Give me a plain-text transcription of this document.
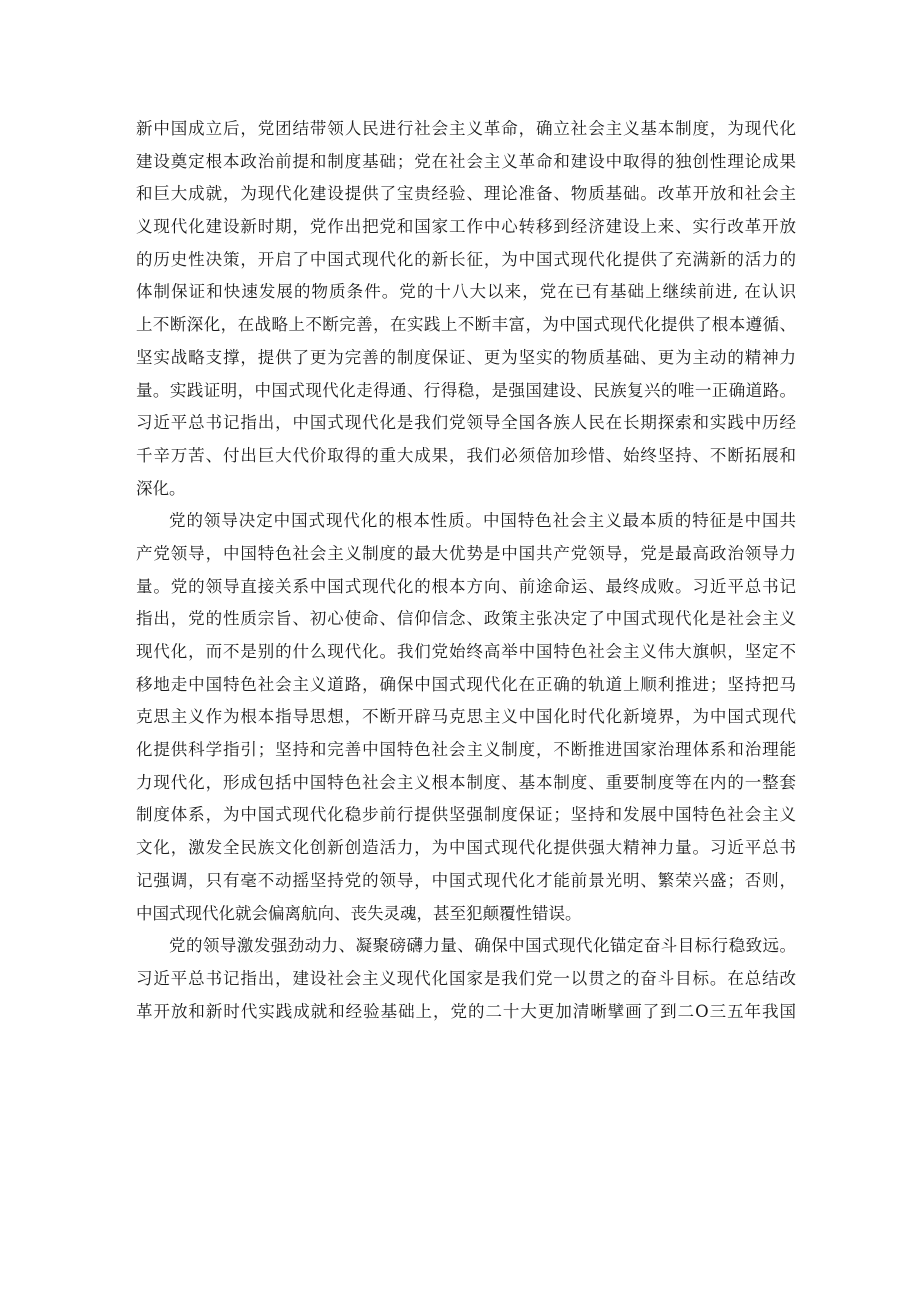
新中国成立后，党团结带领人民进行社会主义革命，确立社会主义基本制度，为现代化
建设奠定根本政治前提和制度基础；党在社会主义革命和建设中取得的独创性理论成果
和巨大成就，为现代化建设提供了宝贵经验、理论准备、物质基础。改革开放和社会主
义现代化建设新时期，党作出把党和国家工作中心转移到经济建设上来、实行改革开放
的历史性决策，开启了中国式现代化的新长征，为中国式现代化提供了充满新的活力的
体制保证和快速发展的物质条件。党的十八大以来，党在已有基础上继续前进, 在认识
上不断深化，在战略上不断完善，在实践上不断丰富，为中国式现代化提供了根本遵循、
坚实战略支撑，提供了更为完善的制度保证、更为坚实的物质基础、更为主动的精神力
量。实践证明，中国式现代化走得通、行得稳，是强国建设、民族复兴的唯一正确道路。
习近平总书记指出，中国式现代化是我们党领导全国各族人民在长期探索和实践中历经
千辛万苦、付出巨大代价取得的重大成果，我们必须倍加珍惜、始终坚持、不断拓展和
深化。
党的领导决定中国式现代化的根本性质。中国特色社会主义最本质的特征是中国共
产党领导，中国特色社会主义制度的最大优势是中国共产党领导，党是最高政治领导力
量。党的领导直接关系中国式现代化的根本方向、前途命运、最终成败。习近平总书记
指出，党的性质宗旨、初心使命、信仰信念、政策主张决定了中国式现代化是社会主义
现代化，而不是别的什么现代化。我们党始终高举中国特色社会主义伟大旗帜，坚定不
移地走中国特色社会主义道路，确保中国式现代化在正确的轨道上顺利推进；坚持把马
克思主义作为根本指导思想，不断开辟马克思主义中国化时代化新境界，为中国式现代
化提供科学指引；坚持和完善中国特色社会主义制度，不断推进国家治理体系和治理能
力现代化，形成包括中国特色社会主义根本制度、基本制度、重要制度等在内的一整套
制度体系，为中国式现代化稳步前行提供坚强制度保证；坚持和发展中国特色社会主义
文化，激发全民族文化创新创造活力，为中国式现代化提供强大精神力量。习近平总书
记强调，只有毫不动摇坚持党的领导，中国式现代化才能前景光明、繁荣兴盛；否则，
中国式现代化就会偏离航向、丧失灵魂，甚至犯颠覆性错误。
党的领导激发强劲动力、凝聚磅礴力量、确保中国式现代化锚定奋斗目标行稳致远。
习近平总书记指出，建设社会主义现代化国家是我们党一以贯之的奋斗目标。在总结改
革开放和新时代实践成就和经验基础上，党的二十大更加清晰擘画了到二O三五年我国
